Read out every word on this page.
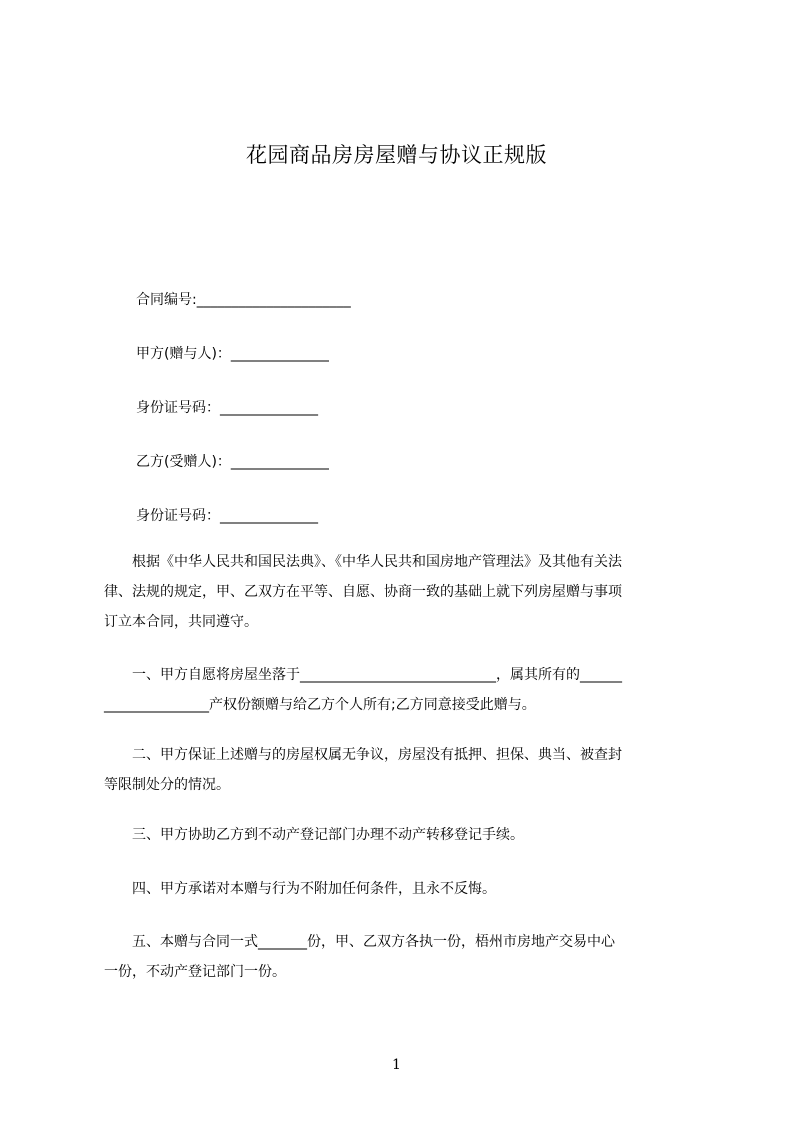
花园商品房房屋赠与协议正规版
合同编号:______________________
甲方(赠与人)：______________
身份证号码：______________
乙方(受赠人)：______________
身份证号码：______________
　　根据《中华人民共和国民法典》、《中华人民共和国房地产管理法》及其他有关法
律、法规的规定，甲、乙双方在平等、自愿、协商一致的基础上就下列房屋赠与事项
订立本合同，共同遵守。
　　一、甲方自愿将房屋坐落于____________________________，属其所有的______
_______________产权份额赠与给乙方个人所有;乙方同意接受此赠与。
　　二、甲方保证上述赠与的房屋权属无争议，房屋没有抵押、担保、典当、被查封
等限制处分的情况。
　　三、甲方协助乙方到不动产登记部门办理不动产转移登记手续。
　　四、甲方承诺对本赠与行为不附加任何条件，且永不反悔。
　　五、本赠与合同一式_______份，甲、乙双方各执一份，梧州市房地产交易中心
一份，不动产登记部门一份。
1
